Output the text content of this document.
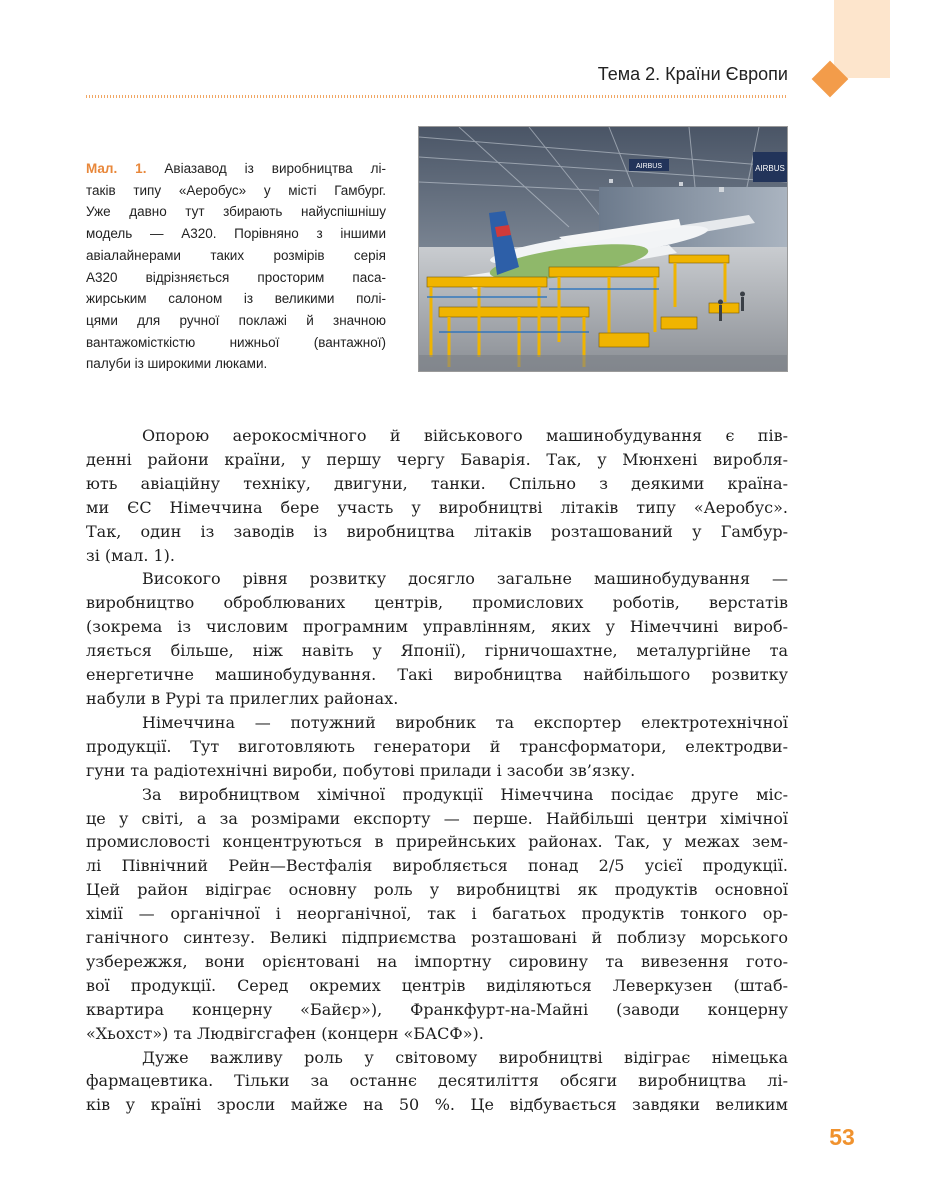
Тема 2. Країни Європи
Мал. 1. Авіазавод із виробництва лі-
таків типу «Аеробус» у місті Гамбург.
Уже давно тут збирають найуспішнішу
модель — А320. Порівняно з іншими
авіалайнерами таких розмірів серія
А320 відрізняється просторим паса-
жирським салоном із великими полі-
цями для ручної поклажі й значною
вантажомісткістю нижньої (вантажної)
палуби із широкими люками.
AIRBUS	AIRBUS
Опорою аерокосмічного й військового машинобудування є пів-
денні райони країни, у першу чергу Баварія. Так, у Мюнхені виробля-
ють авіаційну техніку, двигуни, танки. Спільно з деякими країна-
ми ЄС Німеччина бере участь у виробництві літаків типу «Аеробус».
Так, один із заводів із виробництва літаків розташований у Гамбур-
зі (мал. 1).
Високого рівня розвитку досягло загальне машинобудування —
виробництво оброблюваних центрів, промислових роботів, верстатів
(зокрема із числовим програмним управлінням, яких у Німеччині вироб-
ляється більше, ніж навіть у Японії), гірничошахтне, металургійне та
енергетичне машинобудування. Такі виробництва найбільшого розвитку
набули в Рурі та прилеглих районах.
Німеччина — потужний виробник та експортер електротехнічної
продукції. Тут виготовляють генератори й трансформатори, електродви-
гуни та радіотехнічні вироби, побутові прилади і засоби зв’язку.
За виробництвом хімічної продукції Німеччина посідає друге міс-
це у світі, а за розмірами експорту — перше. Найбільші центри хімічної
промисловості концентруються в прирейнських районах. Так, у межах зем-
лі Північний Рейн—Вестфалія виробляється понад 2/5 усієї продукції.
Цей район відіграє основну роль у виробництві як продуктів основної
хімії — органічної і неорганічної, так і багатьох продуктів тонкого ор-
ганічного синтезу. Великі підприємства розташовані й поблизу морського
узбережжя, вони орієнтовані на імпортну сировину та вивезення гото-
вої продукції. Серед окремих центрів виділяються Леверкузен (штаб-
квартира концерну «Байєр»), Франкфурт-на-Майні (заводи концерну
«Хьохст») та Людвігсгафен (концерн «БАСФ»).
Дуже важливу роль у світовому виробництві відіграє німецька
фармацевтика. Тільки за останнє десятиліття обсяги виробництва лі-
ків у країні зросли майже на 50 %. Це відбувається завдяки великим
53
